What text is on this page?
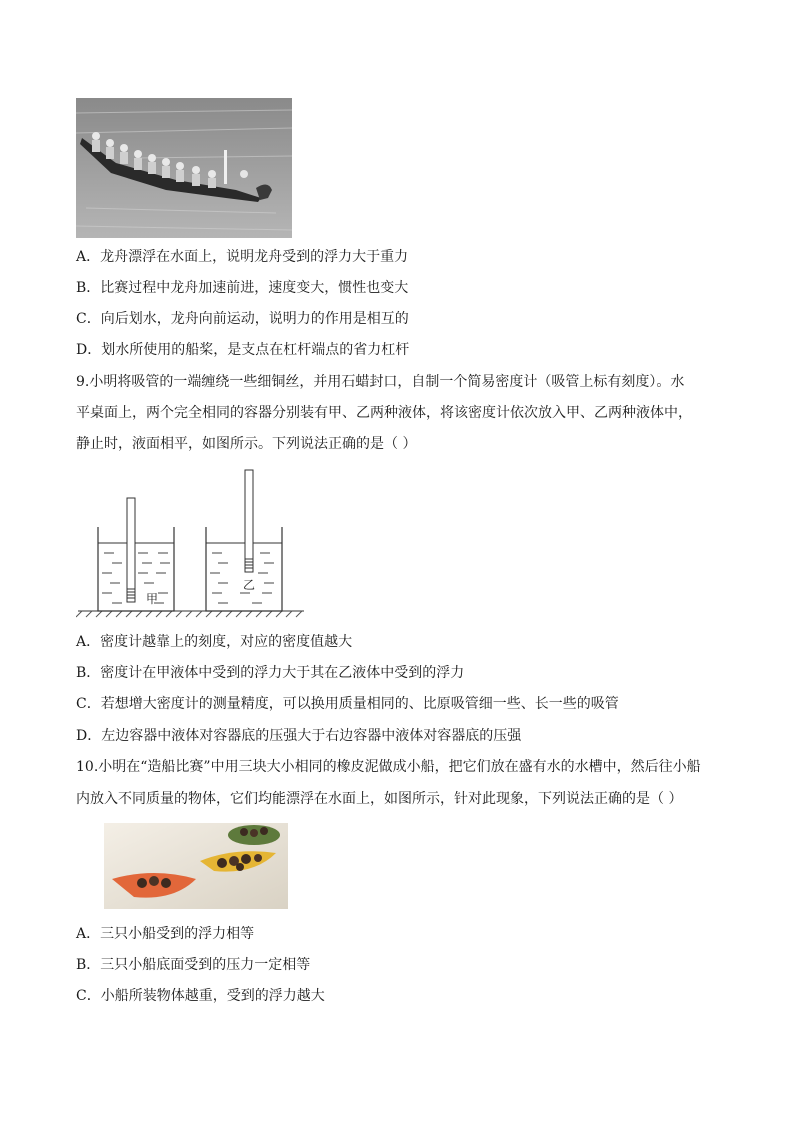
A．龙舟漂浮在水面上，说明龙舟受到的浮力大于重力
B．比赛过程中龙舟加速前进，速度变大，惯性也变大
C．向后划水，龙舟向前运动，说明力的作用是相互的
D．划水所使用的船桨，是支点在杠杆端点的省力杠杆
9.小明将吸管的一端缠绕一些细铜丝，并用石蜡封口，自制一个简易密度计（吸管上标有刻度）。水
平桌面上，两个完全相同的容器分别装有甲、乙两种液体，将该密度计依次放入甲、乙两种液体中，
静止时，液面相平，如图所示。下列说法正确的是（ ）
甲
乙
A．密度计越靠上的刻度，对应的密度值越大
B．密度计在甲液体中受到的浮力大于其在乙液体中受到的浮力
C．若想增大密度计的测量精度，可以换用质量相同的、比原吸管细一些、长一些的吸管
D．左边容器中液体对容器底的压强大于右边容器中液体对容器底的压强
10.小明在“造船比赛”中用三块大小相同的橡皮泥做成小船，把它们放在盛有水的水槽中，然后往小船
内放入不同质量的物体，它们均能漂浮在水面上，如图所示，针对此现象，下列说法正确的是（ ）
A．三只小船受到的浮力相等
B．三只小船底面受到的压力一定相等
C．小船所装物体越重，受到的浮力越大
